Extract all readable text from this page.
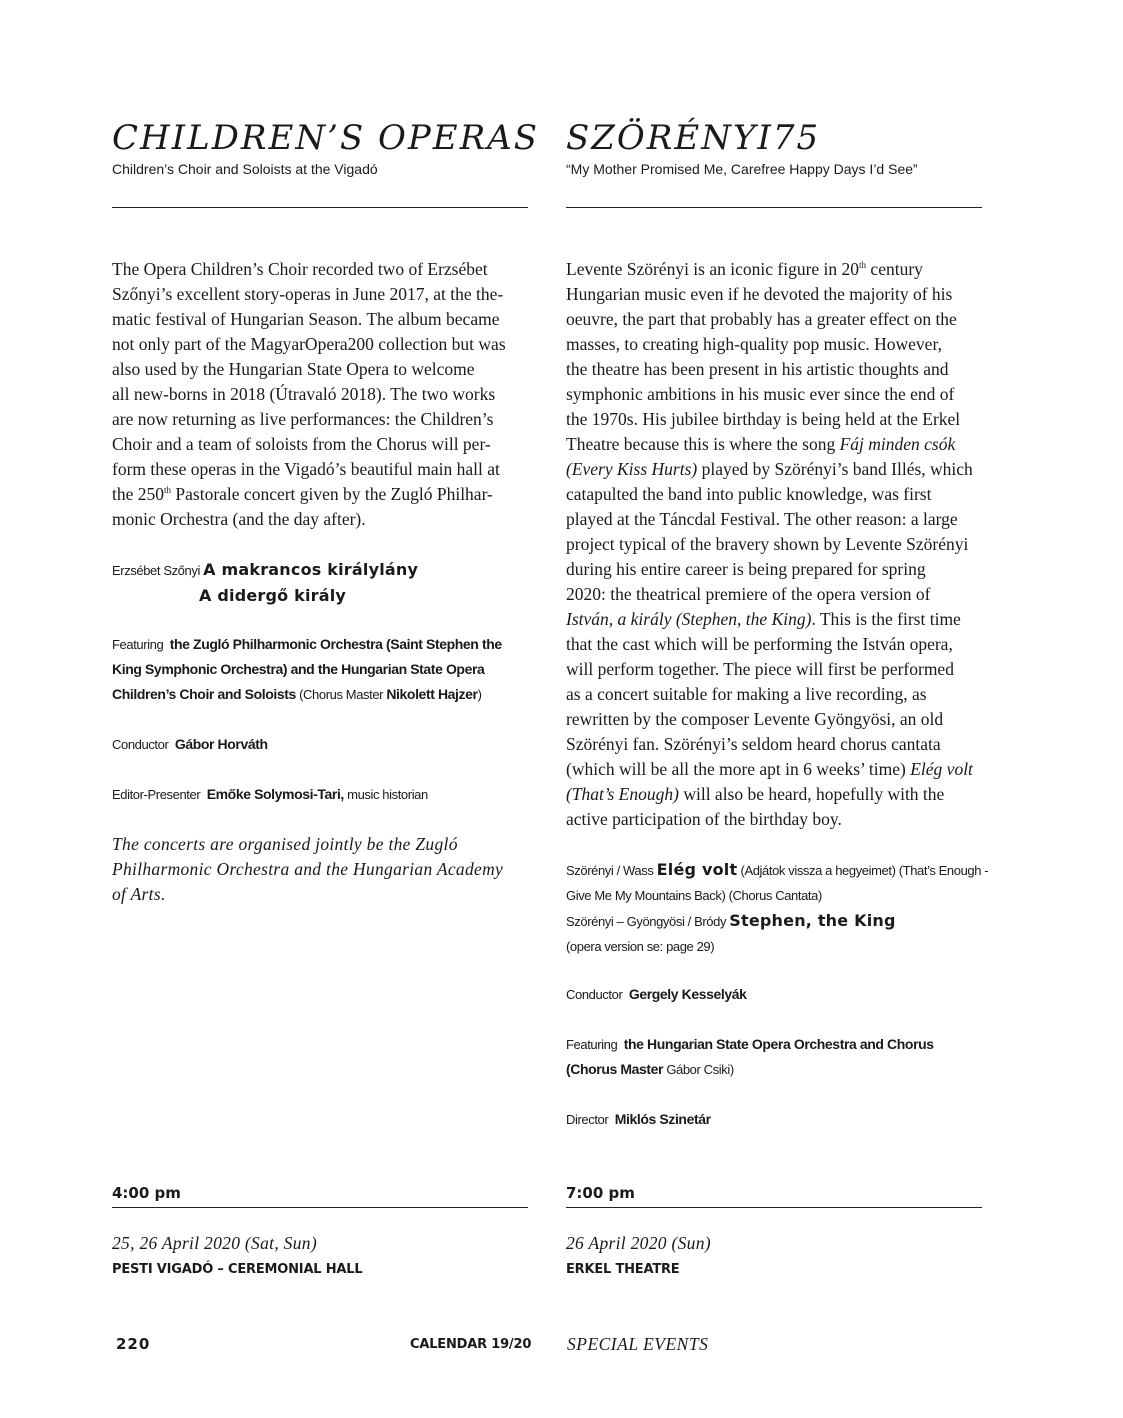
CHILDREN’S OPERAS
Children’s Choir and Soloists at the Vigadó

The Opera Children’s Choir recorded two of Erzsébet
Szőnyi’s excellent story-operas in June 2017, at the the-
matic festival of Hungarian Season. The album became
not only part of the MagyarOpera200 collection but was
also used by the Hungarian State Opera to welcome
all new-borns in 2018 (Útravaló 2018). The two works
are now returning as live performances: the Children’s
Choir and a team of soloists from the Chorus will per-
form these operas in the Vigadó’s beautiful main hall at
the 250th Pastorale concert given by the Zugló Philhar-
monic Orchestra (and the day after).

Erzsébet Szőnyi A makrancos királylány
A didergő király
Featuring the Zugló Philharmonic Orchestra (Saint Stephen the
King Symphonic Orchestra) and the Hungarian State Opera
Children’s Choir and Soloists (Chorus Master Nikolett Hajzer)
Conductor Gábor Horváth
Editor-Presenter Emőke Solymosi-Tari, music historian
The concerts are organised jointly be the Zugló
Philharmonic Orchestra and the Hungarian Academy
of Arts.
4:00 pm
25, 26 April 2020 (Sat, Sun)
PESTI VIGADÓ – CEREMONIAL HALL
SZÖRÉNYI75
“My Mother Promised Me, Carefree Happy Days I’d See”

Levente Szörényi is an iconic figure in 20th century
Hungarian music even if he devoted the majority of his
oeuvre, the part that probably has a greater effect on the
masses, to creating high-quality pop music. However,
the theatre has been present in his artistic thoughts and
symphonic ambitions in his music ever since the end of
the 1970s. His jubilee birthday is being held at the Erkel
Theatre because this is where the song Fáj minden csók
(Every Kiss Hurts) played by Szörényi’s band Illés, which
catapulted the band into public knowledge, was first
played at the Táncdal Festival. The other reason: a large
project typical of the bravery shown by Levente Szörényi
during his entire career is being prepared for spring
2020: the theatrical premiere of the opera version of
István, a király (Stephen, the King). This is the first time
that the cast which will be performing the István opera,
will perform together. The piece will first be performed
as a concert suitable for making a live recording, as
rewritten by the composer Levente Gyöngyösi, an old
Szörényi fan. Szörényi’s seldom heard chorus cantata
(which will be all the more apt in 6 weeks’ time) Elég volt
(That’s Enough) will also be heard, hopefully with the
active participation of the birthday boy.

Szörényi / Wass Elég volt (Adjátok vissza a hegyeimet) (That’s Enough -
Give Me My Mountains Back) (Chorus Cantata)
Szörényi – Gyöngyösi / Bródy Stephen, the King
(opera version se: page 29)
Conductor Gergely Kesselyák
Featuring the Hungarian State Opera Orchestra and Chorus
(Chorus Master Gábor Csiki)
Director Miklós Szinetár
7:00 pm
26 April 2020 (Sun)
ERKEL THEATRE
220	CALENDAR 19/20 SPECIAL EVENTS
